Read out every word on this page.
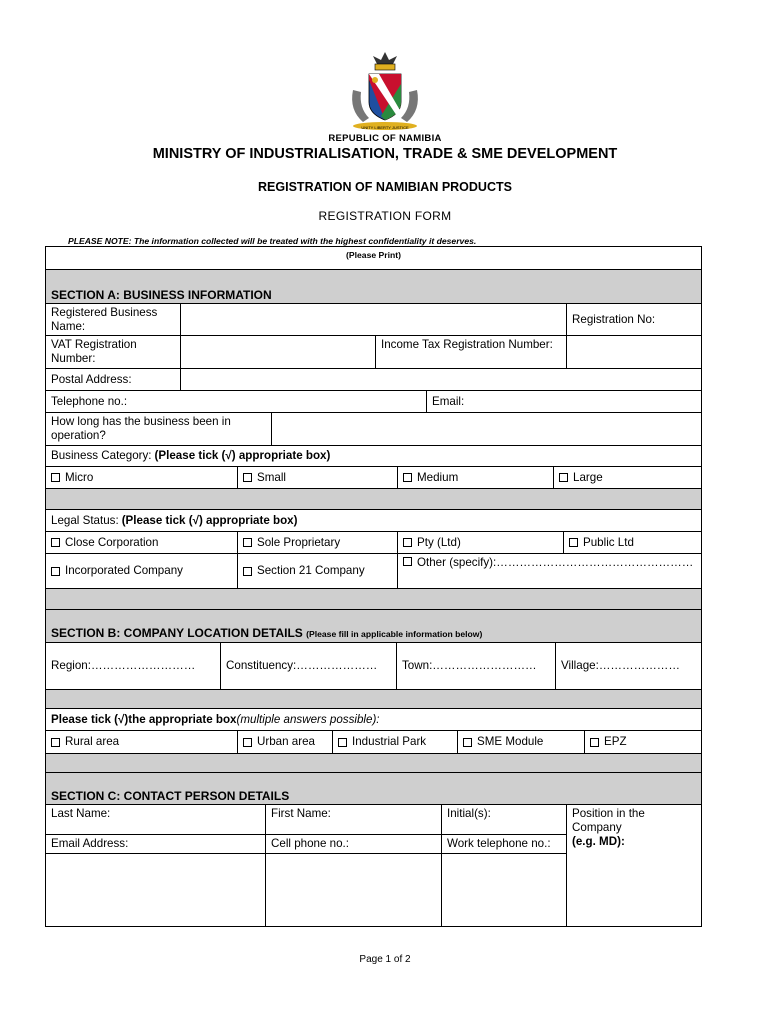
UNITY LIBERTY JUSTICE
REPUBLIC OF NAMIBIA
MINISTRY OF INDUSTRIALISATION, TRADE & SME DEVELOPMENT
REGISTRATION OF NAMIBIAN PRODUCTS
REGISTRATION FORM
PLEASE NOTE: The information collected will be treated with the highest confidentiality it deserves.
(Please Print)
SECTION A: BUSINESS INFORMATION
Registered Business Name:
Registration No:
VAT Registration Number:
Income Tax Registration Number:
Postal Address:
Telephone no.:	Email:
How long has the business been in operation?
Business Category: (Please tick (√) appropriate box)
Micro	Small	Medium	Large
Legal Status: (Please tick (√) appropriate box)
Close Corporation	Sole Proprietary	Pty (Ltd)	Public Ltd
Incorporated Company	Section 21 Company
Other (specify):……………………………………………
SECTION B: COMPANY LOCATION DETAILS (Please fill in applicable information below)
Region:………………………	Constituency:………………… Town:……………………… Village:…………………
Please tick (√)the appropriate box (multiple answers possible):
Rural area	Urban area	Industrial Park	SME Module	EPZ
SECTION C: CONTACT PERSON DETAILS
Last Name:	First Name:	Initial(s):	Position in the Company
(e.g. MD):
Email Address:	Cell phone no.:	Work telephone no.:
Page 1 of 2
